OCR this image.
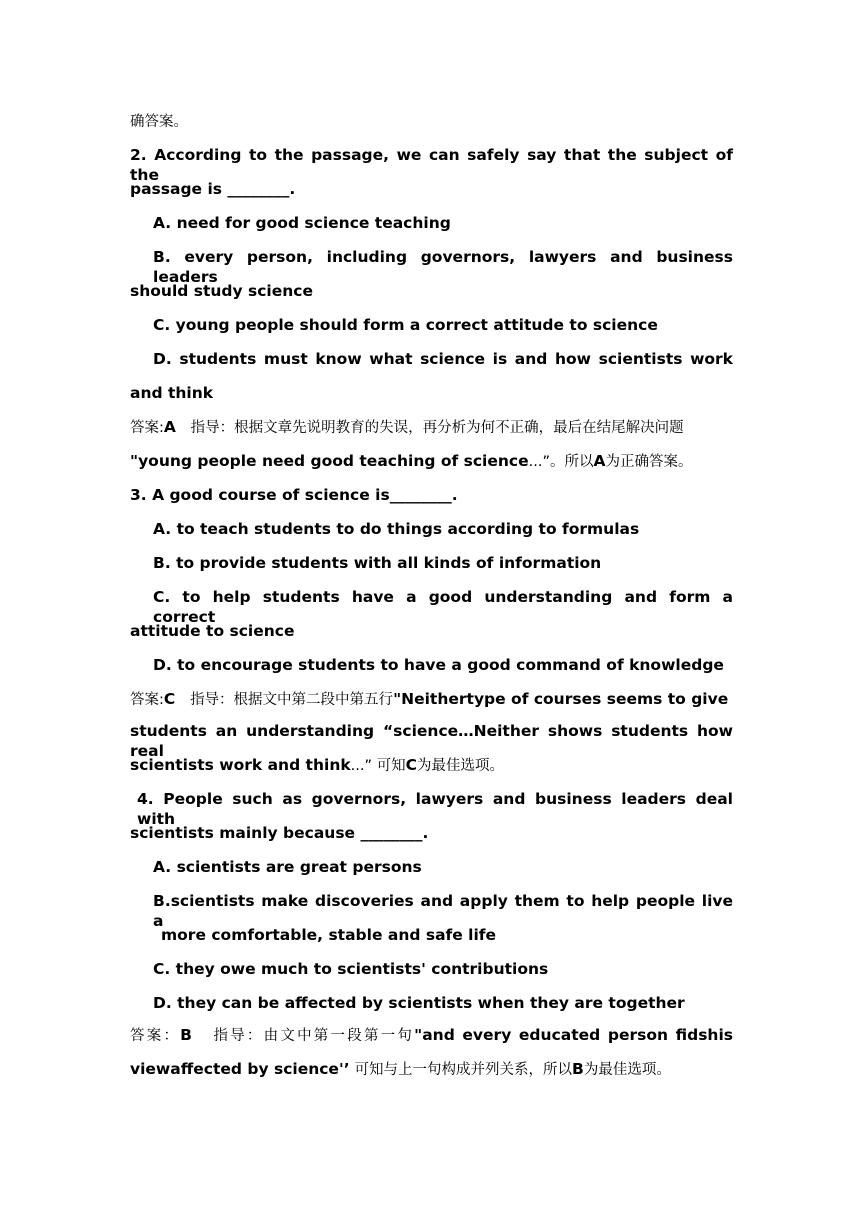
确答案。
2. According to the passage, we can safely say that the subject of the
passage is ________.
A. need for good science teaching
B. every person, including governors, lawyers and business leaders
should study science
C. young people should form a correct attitude to science
D. students must know what science is and how scientists work
and think
答案:A 指导：根据文章先说明教育的失误，再分析为何不正确，最后在结尾解决问题
"young people need good teaching of science...”。所以A为正确答案。
3. A good course of science is________.
A. to teach students to do things according to formulas
B. to provide students with all kinds of information
C. to help students have a good understanding and form a correct
attitude to science
D. to encourage students to have a good command of knowledge
答案:C 指导：根据文中第二段中第五行"Neithertype of courses seems to give
students an understanding “science…Neither shows students how real
scientists work and think...” 可知C为最佳选项。
4. People such as governors, lawyers and business leaders deal with
scientists mainly because ________.
A. scientists are great persons
B.scientists make discoveries and apply them to help people live a
more comfortable, stable and safe life
C. they owe much to scientists' contributions
D. they can be affected by scientists when they are together
答案：B 指导：由文中第一段第一句"and every educated person fidshis
viewaffected by science'’ 可知与上一句构成并列关系，所以B为最佳选项。
